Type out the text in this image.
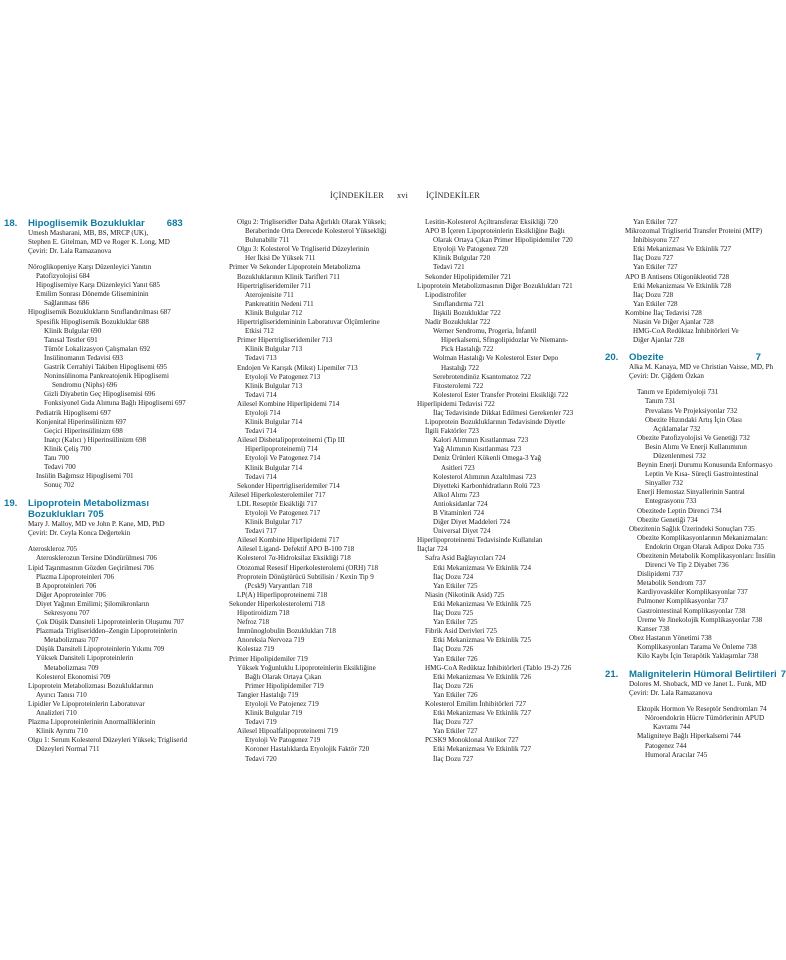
İÇİNDEKİLER xvi İÇİNDEKİLER
18. Hipoglisemik Bozukluklar 683
Umesh Masharani, MB, BS, MRCP (UK),
Stephen E. Gitelman, MD ve Roger K. Long, MD
Çeviri: Dr. Lala Ramazanova
Nöroglikopeniye Karşı Düzenleyici Yanıtın
Patofizyolojisi 684
Hipoglisemiye Karşı Düzenleyici Yanıt 685
Emilim Sonrası Dönemde Glisemininin
Sağlanması 686
Hipoglisemik Bozuklukların Sınıflandırılması 687
Spesifik Hipoglisemik Bozukluklar 688
Klinik Bulgular 690
Tanısal Testler 691
Tümör Lokalizasyon Çalışmaları 692
İnsülinomanın Tedavisi 693
Gastrik Cerrahiyi Takiben Hipoglisemi 695
Noninsülinoma Pankreatojenik Hipoglisemi
Sendromu (Niphs) 696
Gizli Diyabetin Geç Hipoglisemisi 696
Fonksiyonel Gıda Alımına Bağlı Hipoglisemi 697
Pediatrik Hipoglisemi 697
Konjenital Hiperinsülinizm 697
Geçici Hiperinsülinizm 698
Inatçı (Kalıcı ) Hiperinsülinizm 698
Klinik Çeliş 700
Tanı 700
Tedavi 700
Insülin Bağımsız Hipoglisemi 701
Sonuç 702
19. Lipoprotein Metabolizması
Bozuklukları 705
Mary J. Malloy, MD ve John P. Kane, MD, PhD
Çeviri: Dr. Ceyla Konca Değertekin
Ateroskleroz 705
Aterosklerozun Tersine Döndürülmesi 706
Lipid Taşınmasının Gözden Geçirilmesi 706
Plazma Lipoproteinleri 706
B Apoproteinleri 706
Diğer Apoproteinler 706
Diyet Yağının Emilimi; Şilomikronların
Sekresyonu 707
Çok Düşük Dansiteli Lipoproteinlerin Oluşumu 707
Plazmada Trigliseridden–Zengin Lipoproteinlerin
Metabolizması 707
Düşük Dansiteli Lipoproteinlerin Yıkımı 709
Yüksek Dansiteli Lipoproteinlerin
Metabolizması 709
Kolesterol Ekonomisi 709
Lipoprotein Metabolizması Bozukluklarının
Ayırıcı Tanısı 710
Lipidler Ve Lipoproteinlerin Laboratuvar
Analizleri 710
Plazma Lipoproteinlerinin Anormalliklerinin
Klinik Ayrımı 710
Olgu 1: Serum Kolesterol Düzeyleri Yüksek; Trigliserid
Düzeyleri Normal 711
Olgu 2: Trigliseridler Daha Ağırlıklı Olarak Yüksek;
Beraberinde Orta Derecede Kolesterol Yüksekliği
Bulunabilir 711
Olgu 3: Kolesterol Ve Trigliserid Düzeylerinin
Her İkisi De Yüksek 711
Primer Ve Sekonder Lipoprotein Metabolizma
Bozukluklarının Klinik Tarifleri 711
Hipertrigliseridemiler 711
Aterojenisite 711
Pankreatitin Nedeni 711
Klinik Bulgular 712
Hipertrigliseridemininin Laboratuvar Ölçümlerine
Etkisi 712
Primer Hipertrigliseridemiler 713
Klinik Bulgular 713
Tedavi 713
Endojen Ve Karışık (Mikst) Lipemiler 713
Etyoloji Ve Patogenez 713
Klinik Bulgular 713
Tedavi 714
Ailesel Kombine Hiperlipidemi 714
Etyoloji 714
Klinik Bulgular 714
Tedavi 714
Ailesel Disbetalipoproteinemi (Tip III
Hiperlipoproteinemi) 714
Etyoloji Ve Patogenez 714
Klinik Bulgular 714
Tedavi 714
Sekonder Hipertrigliseridemiler 714
Ailesel Hiperkolesterolemiler 717
LDL Reseptör Eksikliği 717
Etyoloji Ve Patogenez 717
Klinik Bulgular 717
Tedavi 717
Ailesel Kombine Hiperlipidemi 717
Ailesel Ligand- Defektif APO B-100 718
Kolesterol 7α-Hidroksilaz Eksikliği 718
Otozomal Resesif Hiperkolesterolemi (ORH) 718
Proprotein Dönüştürücü Subtilisin / Kexin Tip 9
(Pcsk9) Varyantları 718
LP(A) Hiperlipoproteinemi 718
Sekonder Hiperkolesterolemi 718
Hipotiroidizm 718
Nefroz 718
İmmünoglobulin Bozuklukları 718
Anoreksia Nervoza 719
Kolestaz 719
Primer Hipolipidemiler 719
Yüksek Yoğunluklu Lipoproteinlerin Eksikliğine
Bağlı Olarak Ortaya Çıkan
Primer Hipolipidemiler 719
Tangier Hastalığı 719
Etyoloji Ve Patojenez 719
Klinik Bulgular 719
Tedavi 719
Ailesel Hipoalfalipoproteinemi 719
Etyoloji Ve Patogenez 719
Koroner Hastalıklarda Etyolojik Faktör 720
Tedavi 720
Lesitin-Kolesterol Açiltransferaz Eksikliği 720
APO B İçeren Lipoproteinlerin Eksikliğine Bağlı
Olarak Ortaya Çıkan Primer Hipolipidemiler 720
Etyoloji Ve Patogenez 720
Klinik Bulgular 720
Tedavi 721
Sekonder Hipolipidemiler 721
Lipoprotein Metabolizmasının Diğer Bozuklukları 721
Lipodistrofiler
Sınıflandırma 721
İlişkili Bozukluklar 722
Nadir Bozukluklar 722
Werner Sendromu, Progeria, İnfantil
Hiperkalsemi, Sfingolipidozlar Ve Niemann-
Pick Hastalığı 722
Wolman Hastalığı Ve Kolesterol Ester Depo
Hastalığı 722
Serebrotendinöz Ksantomatoz 722
Fitosterolemi 722
Kolesterol Ester Transfer Proteini Eksikliği 722
Hiperlipidemi Tedavisi 722
İlaç Tedavisinde Dikkat Edilmesi Gerekenler 723
Lipoprotein Bozukluklarının Tedavisinde Diyetle
İlgili Faktörler 723
Kalori Alımının Kısıtlanması 723
Yağ Alımının Kısıtlanması 723
Deniz Ürünleri Kökenli Omega-3 Yağ
Asitleri 723
Kolesterol Alımının Azaltılması 723
Diyetteki Karbonhidratların Rolü 723
Alkol Alımı 723
Antioksidanlar 724
B Vitaminleri 724
Diğer Diyet Maddeleri 724
Üniversal Diyet 724
Hiperlipoproteinemi Tedavisinde Kullanılan
İlaçlar 724
Safra Asid Bağlayıcıları 724
Etki Mekanizması Ve Etkinlik 724
İlaç Dozu 724
Yan Etkiler 725
Niasin (Nikotinik Asid) 725
Etki Mekanizması Ve Etkinlik 725
İlaç Dozu 725
Yan Etkiler 725
Fibrik Asid Derivleri 725
Etki Mekanizması Ve Etkinlik 725
İlaç Dozu 726
Yan Etkiler 726
HMG-CoA Redüktaz İnhibitörleri (Tablo 19-2) 726
Etki Mekanizması Ve Etkinlik 726
İlaç Dozu 726
Yan Etkiler 726
Kolesterol Emilim İnhibitörleri 727
Etki Mekanizması Ve Etkinlik 727
İlaç Dozu 727
Yan Etkiler 727
PCSK9 Monoklonal Antikor 727
Etki Mekanizması Ve Etkinlik 727
İlaç Dozu 727
Yan Etkiler 727
Mikrozomal Trigliserid Transfer Proteini (MTP)
İnhibisyonu 727
Etki Mekanizması Ve Etkinlik 727
İlaç Dozu 727
Yan Etkiler 727
APO B Antisens Oligonükleotid 728
Etki Mekanizması Ve Etkinlik 728
İlaç Dozu 728
Yan Etkiler 728
Kombine İlaç Tedavisi 728
Niasin Ve Diğer Ajanlar 728
HMG-CoA Redüktaz İnhibitörleri Ve
Diğer Ajanlar 728
20. Obezite	7
Alka M. Kanaya, MD ve Christian Vaisse, MD, Ph
Çeviri: Dr. Çiğdem Özkan
Tanım ve Epidemiyoloji 731
Tanım 731
Prevalans Ve Projeksiyonlar 732
Obezite Hızındaki Artış İçin Olası
Açıklamalar 732
Obezite Patofizyolojisi Ve Genetiği 732
Besin Alımı Ve Enerji Kullanımının
Düzenlenmesi 732
Beynin Enerji Durumu Konusunda Enformasyo
Leptin Ve Kısa- Süreçli Gastrointestinal
Sinyaller 732
Enerji Hemostaz Sinyallerinin Santral
Entegrasyonu 733
Obezitede Leptin Direnci 734
Obezite Genetiği 734
Obezitenin Sağlık Üzerindeki Sonuçları 735
Obezite Komplikasyonlarının Mekanizmaları:
Endokrin Organ Olarak Adipoz Doku 735
Obezitenin Metabolik Komplikasyonları: İnsülin
Direnci Ve Tip 2 Diyabet 736
Dislipidemi 737
Metabolik Sendrom 737
Kardiyovasküler Komplikasyonlar 737
Pulmoner Komplikasyonlar 737
Gastrointestinal Komplikasyonlar 738
Üreme Ve Jinekolojik Komplikasyonlar 738
Kanser 738
Obez Hastanın Yönetimi 738
Komplikasyonları Tarama Ve Önleme 738
Kilo Kaybı İçin Terapötik Yaklaşımlar 738
21. Malignitelerin Hümoral Belirtileri 7
Dolores M. Shoback, MD ve Janet L. Funk, MD
Çeviri: Dr. Lala Ramazanova
Ektopik Hormon Ve Reseptör Sendromları 74
Nöroendokrin Hücre Tümörlerinin APUD
Kavramı 744
Maligniteye Bağlı Hiperkalsemi 744
Patogenez 744
Humoral Aracılar 745
